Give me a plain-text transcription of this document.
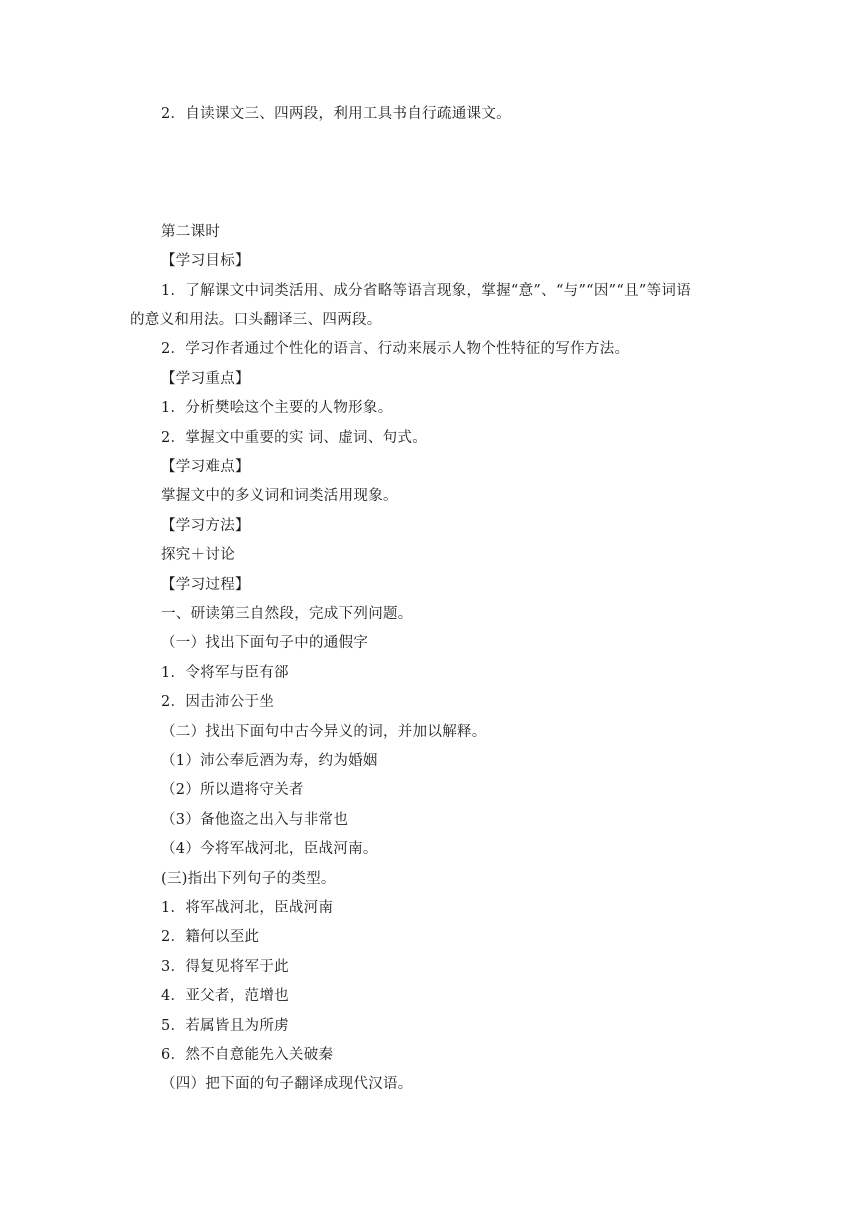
2．自读课文三、四两段，利用工具书自行疏通课文。
第二课时
【学习目标】
1．了解课文中词类活用、成分省略等语言现象，掌握“意”、“与”“因”“且”等词语
的意义和用法。口头翻译三、四两段。
2．学习作者通过个性化的语言、行动来展示人物个性特征的写作方法。
【学习重点】
1．分析樊哙这个主要的人物形象。
2．掌握文中重要的实 词、虚词、句式。
【学习难点】
掌握文中的多义词和词类活用现象。
【学习方法】
探究＋讨论
【学习过程】
一、研读第三自然段，完成下列问题。
（一）找出下面句子中的通假字
1．令将军与臣有郤
2．因击沛公于坐
（二）找出下面句中古今异义的词，并加以解释。
（1）沛公奉卮酒为寿，约为婚姻
（2）所以遣将守关者
（3）备他盗之出入与非常也
（4）今将军战河北，臣战河南。
(三)指出下列句子的类型。
1．将军战河北，臣战河南
2．籍何以至此
3．得复见将军于此
4．亚父者，范增也
5．若属皆且为所虏
6．然不自意能先入关破秦
（四）把下面的句子翻译成现代汉语。
